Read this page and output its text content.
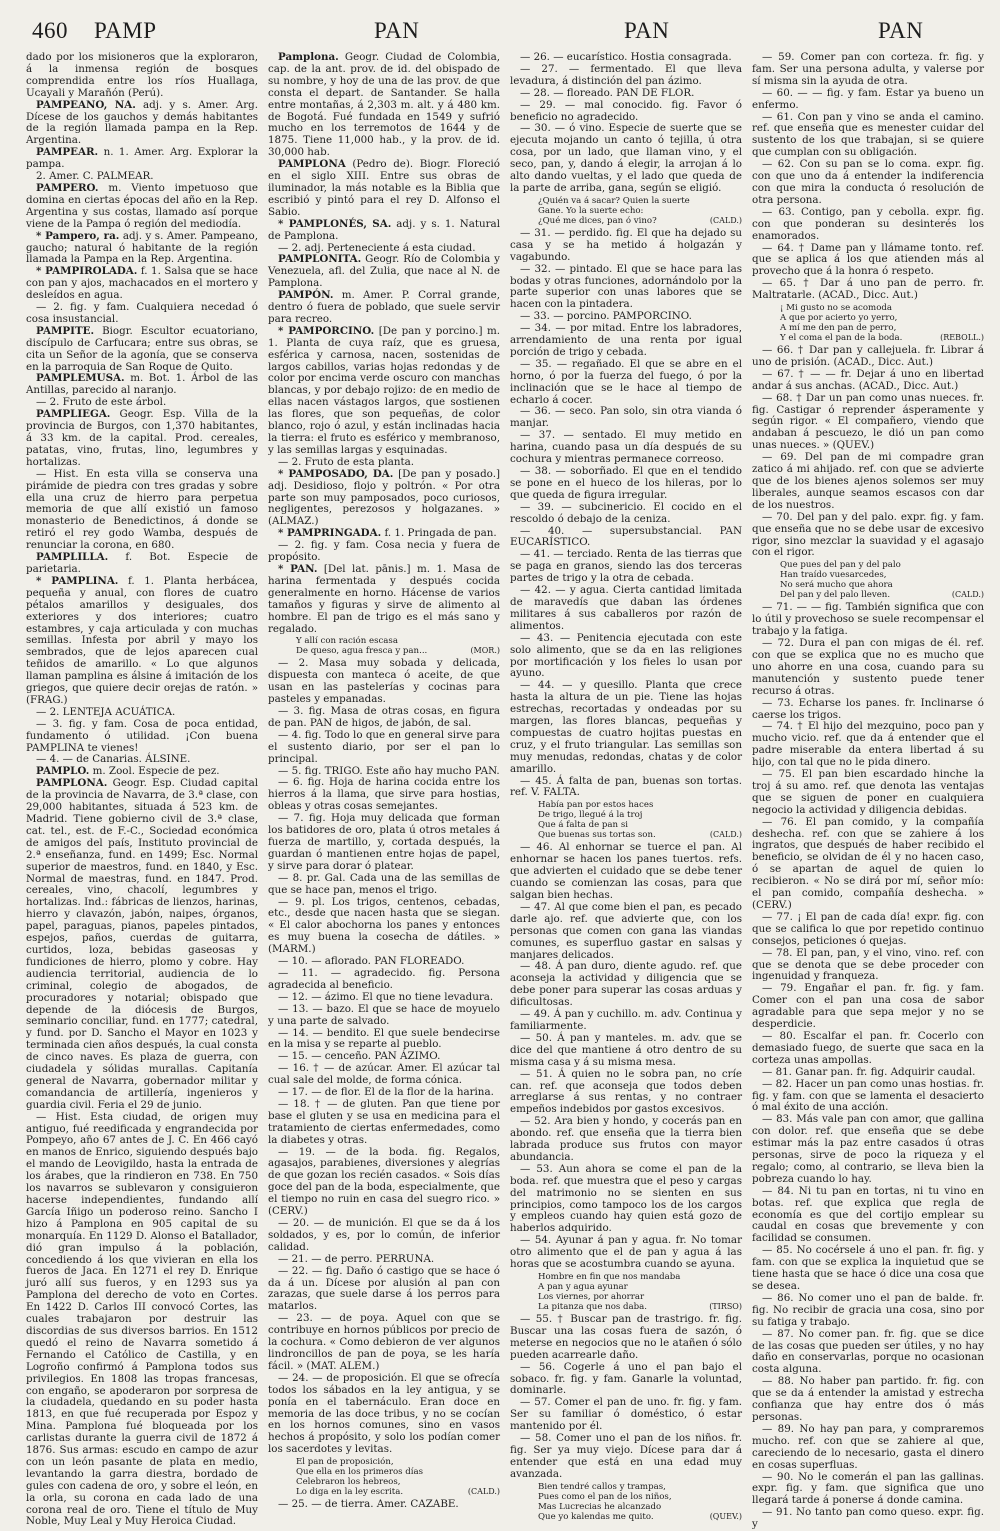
460 PAMP	PAN	PAN	PAN

dado por los misioneros que la exploraron, á la inmensa región de bosques comprendida entre los ríos Huallaga, Ucayali y Marañón (Perú).

PAMPEANO, NA. adj. y s. Amer. Arg. Dícese de los gauchos y demás habitantes de la región llamada pampa en la Rep. Argentina.

PAMPEAR. n. 1. Amer. Arg. Explorar la pampa.

2. Amer. C. PALMEAR.

PAMPERO. m. Viento impetuoso que domina en ciertas épocas del año en la Rep. Argentina y sus costas, llamado así porque viene de la Pampa ó región del mediodía.

* Pampero, ra. adj. y s. Amer. Pampeano, gaucho; natural ó habitante de la región llamada la Pampa en la Rep. Argentina.

* PAMPIROLADA. f. 1. Salsa que se hace con pan y ajos, machacados en el mortero y desleídos en agua.

— 2. fig. y fam. Cualquiera necedad ó cosa insustancial.

PAMPITE. Biogr. Escultor ecuatoriano, discípulo de Carfucara; entre sus obras, se cita un Señor de la agonía, que se conserva en la parroquia de San Roque de Quito.

PAMPLEMUSA. m. Bot. 1. Árbol de las Antillas, parecido al naranjo.

— 2. Fruto de este árbol.

PAMPLIEGA. Geogr. Esp. Villa de la provincia de Burgos, con 1,370 habitantes, á 33 km. de la capital. Prod. cereales, patatas, vino, frutas, lino, legumbres y hortalizas.

— Hist. En esta villa se conserva una pirámide de piedra con tres gradas y sobre ella una cruz de hierro para perpetua memoria de que allí existió un famoso monasterio de Benedictinos, á donde se retiró el rey godo Wamba, después de renunciar la corona, en 680.

PAMPLILLA. f. Bot. Especie de parietaria.

* PAMPLINA. f. 1. Planta herbácea, pequeña y anual, con flores de cuatro pétalos amarillos y desiguales, dos exteriores y dos interiores; cuatro estambres, y caja articulada y con muchas semillas. Infesta por abril y mayo los sembrados, que de lejos aparecen cual teñidos de amarillo. « Lo que algunos llaman pamplina es álsine á imitación de los griegos, que quiere decir orejas de ratón. » (FRAG.)

— 2. LENTEJA ACUÁTICA.

— 3. fig. y fam. Cosa de poca entidad, fundamento ó utilidad. ¡Con buena PAMPLINA te vienes!

— 4. — de Canarias. ÁLSINE.

PAMPLO. m. Zool. Especie de pez.

PAMPLONA. Geogr. Esp. Ciudad capital de la provincia de Navarra, de 3.ª clase, con 29,000 habitantes, situada á 523 km. de Madrid. Tiene gobierno civil de 3.ª clase, cat. tel., est. de F.-C., Sociedad económica de amigos del país, Instituto provincial de 2.ª enseñanza, fund. en 1499; Esc. Normal superior de maestros, fund. en 1840, y Esc. Normal de maestras, fund. en 1847. Prod. cereales, vino, chacolí, legumbres y hortalizas. Ind.: fábricas de lienzos, harinas, hierro y clavazón, jabón, naipes, órganos, papel, paraguas, pianos, papeles pintados, espejos, paños, cuerdas de guitarra, curtidos, loza, bebidas gaseosas y fundiciones de hierro, plomo y cobre. Hay audiencia territorial, audiencia de lo criminal, colegio de abogados, de procuradores y notarial; obispado que depende de la diócesis de Burgos, seminario conciliar, fund. en 1777; catedral, y fund. por D. Sancho el Mayor en 1023 y terminada cien años después, la cual consta de cinco naves. Es plaza de guerra, con ciudadela y sólidas murallas. Capitanía general de Navarra, gobernador militar y comandancia de artillería, ingenieros y guardia civil. Feria el 29 de junio.

— Hist. Esta ciudad, de origen muy antiguo, fué reedificada y engrandecida por Pompeyo, año 67 antes de J. C. En 466 cayó en manos de Enrico, siguiendo después bajo el mando de Leovigildo, hasta la entrada de los árabes, que la rindieron en 738. En 750 los navarros se sublevaron y consiguieron hacerse independientes, fundando allí García Iñigo un poderoso reino. Sancho I hizo á Pamplona en 905 capital de su monarquía. En 1129 D. Alonso el Batallador, dió gran impulso á la población, concediendo á los que vivieran en ella los fueros de Jaca. En 1271 el rey D. Enrique juró allí sus fueros, y en 1293 sus ya Pamplona del derecho de voto en Cortes. En 1422 D. Carlos III convocó Cortes, las cuales trabajaron por destruir las discordias de sus diversos barrios. En 1512 quedó el reino de Navarra sometido á Fernando el Católico de Castilla, y en Logroño confirmó á Pamplona todos sus privilegios. En 1808 las tropas francesas, con engaño, se apoderaron por sorpresa de la ciudadela, quedando en su poder hasta 1813, en que fué recuperada por Espoz y Mina. Pamplona fué bloqueada por los carlistas durante la guerra civil de 1872 á 1876. Sus armas: escudo en campo de azur con un león pasante de plata en medio, levantando la garra diestra, bordado de gules con cadena de oro, y sobre el león, en la orla, su corona en cada lado de una corona real de oro. Tiene el título de Muy Noble, Muy Leal y Muy Heroica Ciudad.

Pamplona. Geogr. Ciudad de Colombia, cap. de la ant. prov. de id. del obispado de su nombre, y hoy de una de las prov. de que consta el depart. de Santander. Se halla entre montañas, á 2,303 m. alt. y á 480 km. de Bogotá. Fué fundada en 1549 y sufrió mucho en los terremotos de 1644 y de 1875. Tiene 11,000 hab., y la prov. de id. 30,000 hab.

PAMPLONA (Pedro de). Biogr. Floreció en el siglo XIII. Entre sus obras de iluminador, la más notable es la Biblia que escribió y pintó para el rey D. Alfonso el Sabio.

* PAMPLONÉS, SA. adj. y s. 1. Natural de Pamplona.

— 2. adj. Perteneciente á esta ciudad.

PAMPLONITA. Geogr. Río de Colombia y Venezuela, afl. del Zulia, que nace al N. de Pamplona.

PAMPÓN. m. Amer. P. Corral grande, dentro ó fuera de poblado, que suele servir para recreo.

* PAMPORCINO. [De pan y porcino.] m. 1. Planta de cuya raíz, que es gruesa, esférica y carnosa, nacen, sostenidas de largos cabillos, varias hojas redondas y de color por encima verde oscuro con manchas blancas, y por debajo rojizo: de en medio de ellas nacen vástagos largos, que sostienen las flores, que son pequeñas, de color blanco, rojo ó azul, y están inclinadas hacia la tierra: el fruto es esférico y membranoso, y las semillas largas y esquinadas.

— 2. Fruto de esta planta.

* PAMPOSADO, DA. [De pan y posado.] adj. Desidioso, flojo y poltrón. « Por otra parte son muy pamposados, poco curiosos, negligentes, perezosos y holgazanes. » (ALMAZ.)

* PAMPRINGADA. f. 1. Pringada de pan.

— 2. fig. y fam. Cosa necia y fuera de propósito.

* PAN. [Del lat. pānis.] m. 1. Masa de harina fermentada y después cocida generalmente en horno. Hácense de varios tamaños y figuras y sirve de alimento al hombre. El pan de trigo es el más sano y regalado.

Y allí con ración escasa
De queso, agua fresca y pan...	(MOR.)

— 2. Masa muy sobada y delicada, dispuesta con manteca ó aceite, de que usan en las pastelerías y cocinas para pasteles y empanadas.

— 3. fig. Masa de otras cosas, en figura de pan. PAN de higos, de jabón, de sal.

— 4. fig. Todo lo que en general sirve para el sustento diario, por ser el pan lo principal.

— 5. fig. TRIGO. Este año hay mucho PAN.

— 6. fig. Hoja de harina cocida entre los hierros á la llama, que sirve para hostias, obleas y otras cosas semejantes.

— 7. fig. Hoja muy delicada que forman los batidores de oro, plata ú otros metales á fuerza de martillo, y, cortada después, la guardan ó mantienen entre hojas de papel, y sirve para dorar ó platear.

— 8. pr. Gal. Cada una de las semillas de que se hace pan, menos el trigo.

— 9. pl. Los trigos, centenos, cebadas, etc., desde que nacen hasta que se siegan. « El calor abochorna los panes y entonces es muy buena la cosecha de dátiles. » (MARM.)

— 10. — aflorado. PAN FLOREADO.

— 11. — agradecido. fig. Persona agradecida al beneficio.

— 12. — ázimo. El que no tiene levadura.

— 13. — bazo. El que se hace de moyuelo y una parte de salvado.

— 14. — bendito. El que suele bendecirse en la misa y se reparte al pueblo.

— 15. — cenceño. PAN ÁZIMO.

— 16. † — de azúcar. Amer. El azúcar tal cual sale del molde, de forma cónica.

— 17. — de flor. El de la flor de la harina.

— 18. † — de gluten. Pan que tiene por base el gluten y se usa en medicina para el tratamiento de ciertas enfermedades, como la diabetes y otras.

— 19. — de la boda. fig. Regalos, agasajos, parabienes, diversiones y alegrías de que gozan los recién casados. « Sois días goce del pan de la boda, especialmente, que el tiempo no ruin en casa del suegro rico. » (CERV.)

— 20. — de munición. El que se da á los soldados, y es, por lo común, de inferior calidad.

— 21. — de perro. PERRUNA.

— 22. — fig. Daño ó castigo que se hace ó da á un. Dícese por alusión al pan con zarazas, que suele darse á los perros para matarlos.

— 23. — de poya. Aquel con que se contribuye en hornos públicos por precio de la cochura. « Como debieron de ver algunos lindroncillos de pan de poya, se les haría fácil. » (MAT. ALEM.)

— 24. — de proposición. El que se ofrecía todos los sábados en la ley antigua, y se ponía en el tabernáculo. Eran doce en memoria de las doce tribus, y no se cocían en los hornos comunes, sino en vasos hechos á propósito, y solo los podían comer los sacerdotes y levitas.

El pan de proposición,
Que ella en los primeros días
Celebraron los hebreos,
Lo diga en la ley escrita.	(CALD.)

— 25. — de tierra. Amer. CAZABE.

— 26. — eucarístico. Hostia consagrada.

— 27. — fermentado. El que lleva levadura, á distinción del pan ázimo.

— 28. — floreado. PAN DE FLOR.

— 29. — mal conocido. fig. Favor ó beneficio no agradecido.

— 30. — ó vino. Especie de suerte que se ejecuta mojando un canto ó tejilla, ú otra cosa, por un lado, que llaman vino, y el seco, pan, y, dando á elegir, la arrojan á lo alto dando vueltas, y el lado que queda de la parte de arriba, gana, según se eligió.

¿Quién va á sacar? Quien la suerte
Gane. Yo la suerte echo:
¿Qué me dices, pan ó vino?	(CALD.)

— 31. — perdido. fig. El que ha dejado su casa y se ha metido á holgazán y vagabundo.

— 32. — pintado. El que se hace para las bodas y otras funciones, adornándolo por la parte superior con unas labores que se hacen con la pintadera.

— 33. — porcino. PAMPORCINO.

— 34. — por mitad. Entre los labradores, arrendamiento de una renta por igual porción de trigo y cebada.

— 35. — regañado. El que se abre en el horno, ó por la fuerza del fuego, ó por la inclinación que se le hace al tiempo de echarlo á cocer.

— 36. — seco. Pan solo, sin otra vianda ó manjar.

— 37. — sentado. El muy metido en harina, cuando pasa un día después de su cochura y mientras permanece correoso.

— 38. — soborñado. El que en el tendido se pone en el hueco de los hileras, por lo que queda de figura irregular.

— 39. — subcinericio. El cocido en el rescoldo ó debajo de la ceniza.

— 40. — supersubstancial. PAN EUCARÍSTICO.

— 41. — terciado. Renta de las tierras que se paga en granos, siendo las dos terceras partes de trigo y la otra de cebada.

— 42. — y agua. Cierta cantidad limitada de maravedís que daban las órdenes militares á sus caballeros por razón de alimentos.

— 43. — Penitencia ejecutada con este solo alimento, que se da en las religiones por mortificación y los fieles lo usan por ayuno.

— 44. — y quesillo. Planta que crece hasta la altura de un pie. Tiene las hojas estrechas, recortadas y ondeadas por su margen, las flores blancas, pequeñas y compuestas de cuatro hojitas puestas en cruz, y el fruto triangular. Las semillas son muy menudas, redondas, chatas y de color amarillo.

— 45. Á falta de pan, buenas son tortas. ref. V. FALTA.

Había pan por estos haces
De trigo, llegué á la troj
Que á falta de pan si
Que buenas sus tortas son.	(CALD.)

— 46. Al enhornar se tuerce el pan. Al enhornar se hacen los panes tuertos. refs. que advierten el cuidado que se debe tener cuando se comienzan las cosas, para que salgan bien hechas.

— 47. Al que come bien el pan, es pecado darle ajo. ref. que advierte que, con los personas que comen con gana las viandas comunes, es superfluo gastar en salsas y manjares delicados.

— 48. Á pan duro, diente agudo. ref. que aconseja la actividad y diligencia que se debe poner para superar las cosas arduas y dificultosas.

— 49. Á pan y cuchillo. m. adv. Continua y familiarmente.

— 50. Á pan y manteles. m. adv. que se dice del que mantiene á otro dentro de su misma casa y á su misma mesa.

— 51. Á quien no le sobra pan, no críe can. ref. que aconseja que todos deben arreglarse á sus rentas, y no contraer empeños indebidos por gastos excesivos.

— 52. Ara bien y hondo, y cocerás pan en abondo. ref. que enseña que la tierra bien labrada produce sus frutos con mayor abundancia.

— 53. Aun ahora se come el pan de la boda. ref. que muestra que el peso y cargas del matrimonio no se sienten en sus principios, como tampoco los de los cargos y empleos cuando hay quien está gozo de haberlos adquirido.

— 54. Ayunar á pan y agua. fr. No tomar otro alimento que el de pan y agua á las horas que se acostumbra cuando se ayuna.

Hombre en fin que nos mandaba
A pan y agua ayunar
Los viernes, por ahorrar
La pitanza que nos daba.	(TIRSO)

— 55. † Buscar pan de trastrigo. fr. fig. Buscar una las cosas fuera de sazón, ó meterse en negocios que no le atañen ó sólo pueden acarrearle daño.

— 56. Cogerle á uno el pan bajo el sobaco. fr. fig. y fam. Ganarle la voluntad, dominarle.

— 57. Comer el pan de uno. fr. fig. y fam. Ser su familiar ó doméstico, ó estar mantenido por él.

— 58. Comer uno el pan de los niños. fr. fig. Ser ya muy viejo. Dícese para dar á entender que está en una edad muy avanzada.

Bien tendré callos y trampas,
Pues como el pan de los niños,
Mas Lucrecias he alcanzado
Que yo kalendas me quito.	(QUEV.)

— 59. Comer pan con corteza. fr. fig. y fam. Ser una persona adulta, y valerse por sí misma sin la ayuda de otra.

— 60. — — fig. y fam. Estar ya bueno un enfermo.

— 61. Con pan y vino se anda el camino. ref. que enseña que es menester cuidar del sustento de los que trabajan, si se quiere que cumplan con su obligación.

— 62. Con su pan se lo coma. expr. fig. con que uno da á entender la indiferencia con que mira la conducta ó resolución de otra persona.

— 63. Contigo, pan y cebolla. expr. fig. con que ponderan su desinterés los enamorados.

— 64. † Dame pan y llámame tonto. ref. que se aplica á los que atienden más al provecho que á la honra ó respeto.

— 65. † Dar á uno pan de perro. fr. Maltratarle. (ACAD., Dicc. Aut.)

¡ Mi gusto no se acomoda
A que por acierto yo yerro,
A mí me den pan de perro,
Y el coma el pan de la boda.	(REBOLL.)

— 66. † Dar pan y callejuela. fr. Librar á uno de prisión. (ACAD., Dicc. Aut.)

— 67. † — — fr. Dejar á uno en libertad andar á sus anchas. (ACAD., Dicc. Aut.)

— 68. † Dar un pan como unas nueces. fr. fig. Castigar ó reprender ásperamente y según rigor. « El compañero, viendo que andaban á pescuezo, le dió un pan como unas nueces. » (QUEV.)

— 69. Del pan de mi compadre gran zatico á mi ahijado. ref. con que se advierte que de los bienes ajenos solemos ser muy liberales, aunque seamos escasos con dar de los nuestros.

— 70. Del pan y del palo. expr. fig. y fam. que enseña que no se debe usar de excesivo rigor, sino mezclar la suavidad y el agasajo con el rigor.

Que pues del pan y del palo
Han traído vuesarcedes,
No será mucho que ahora
Del pan y del palo lleven.	(CALD.)

— 71. — — fig. También significa que con lo útil y provechoso se suele recompensar el trabajo y la fatiga.

— 72. Dura el pan con migas de él. ref. con que se explica que no es mucho que uno ahorre en una cosa, cuando para su manutención y sustento puede tener recurso á otras.

— 73. Echarse los panes. fr. Inclinarse ó caerse los trigos.

— 74. † El hijo del mezquino, poco pan y mucho vicio. ref. que da á entender que el padre miserable da entera libertad á su hijo, con tal que no le pida dinero.

— 75. El pan bien escardado hinche la troj á su amo. ref. que denota las ventajas que se siguen de poner en cualquiera negocio la actividad y diligencia debidas.

— 76. El pan comido, y la compañía deshecha. ref. con que se zahiere á los ingratos, que después de haber recibido el beneficio, se olvidan de él y no hacen caso, ó se apartan de aquel de quien lo recibieron. « No se dirá por mí, señor mío: el pan comido, compañía deshecha. » (CERV.)

— 77. ¡ El pan de cada día! expr. fig. con que se califica lo que por repetido continuo consejos, peticiones ó quejas.

— 78. El pan, pan, y el vino, vino. ref. con que se denota que se debe proceder con ingenuidad y franqueza.

— 79. Engañar el pan. fr. fig. y fam. Comer con el pan una cosa de sabor agradable para que sepa mejor y no se desperdicie.

— 80. Escalfar el pan. fr. Cocerlo con demasiado fuego, de suerte que saca en la corteza unas ampollas.

— 81. Ganar pan. fr. fig. Adquirir caudal.

— 82. Hacer un pan como unas hostias. fr. fig. y fam. con que se lamenta el desacierto ó mal éxito de una acción.

— 83. Más vale pan con amor, que gallina con dolor. ref. que enseña que se debe estimar más la paz entre casados ú otras personas, sirve de poco la riqueza y el regalo; como, al contrario, se lleva bien la pobreza cuando lo hay.

— 84. Ni tu pan en tortas, ni tu vino en botas. ref. que explica que regla de economía es que del cortijo emplear su caudal en cosas que brevemente y con facilidad se consumen.

— 85. No cocérsele á uno el pan. fr. fig. y fam. con que se explica la inquietud que se tiene hasta que se hace ó dice una cosa que se desea.

— 86. No comer uno el pan de balde. fr. fig. No recibir de gracia una cosa, sino por su fatiga y trabajo.

— 87. No comer pan. fr. fig. que se dice de las cosas que pueden ser útiles, y no hay daño en conservarlas, porque no ocasionan costa alguna.

— 88. No haber pan partido. fr. fig. con que se da á entender la amistad y estrecha confianza que hay entre dos ó más personas.

— 89. No hay pan para, y compraremos mucho. ref. con que se zahiere al que, careciendo de lo necesario, gasta el dinero en cosas superfluas.

— 90. No le comerán el pan las gallinas. expr. fig. y fam. que significa que uno llegará tarde á ponerse á donde camina.

— 91. No tanto pan como queso. expr. fig. y
